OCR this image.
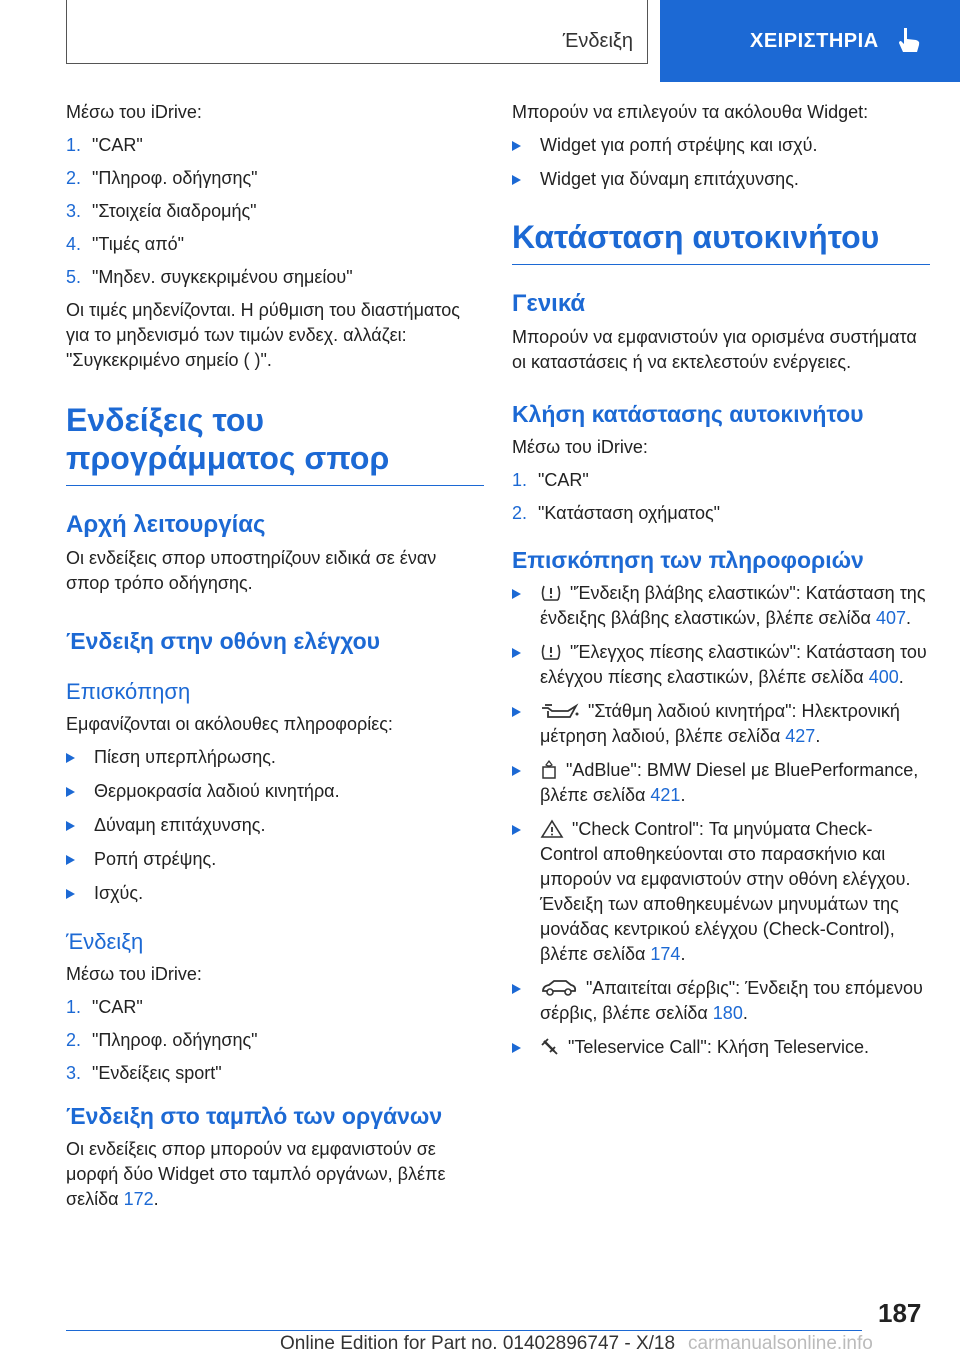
Ένδειξη	ΧΕΙΡΙΣΤΗΡΙΑ

Μέσω του iDrive:

1. "CAR"
2. "Πληροφ. οδήγησης"
3. "Στοιχεία διαδρομής"
4. "Τιμές από"
5. "Μηδεν. συγκεκριμένου σημείου"

Οι τιμές μηδενίζονται. Η ρύθμιση του διαστήματος για το μηδενισμό των τιμών ενδεχ. αλλάζει: "Συγκεκριμένο σημείο ( )".

Ενδείξεις του προγράμματος σπορ
Αρχή λειτουργίας

Οι ενδείξεις σπορ υποστηρίζουν ειδικά σε έναν σπορ τρόπο οδήγησης.

Ένδειξη στην οθόνη ελέγχου
Επισκόπηση

Εμφανίζονται οι ακόλουθες πληροφορίες:

Πίεση υπερπλήρωσης.
Θερμοκρασία λαδιού κινητήρα.
Δύναμη επιτάχυνσης.
Ροπή στρέψης.
Ισχύς.
Ένδειξη

Μέσω του iDrive:

1. "CAR"
2. "Πληροφ. οδήγησης"
3. "Ενδείξεις sport"
Ένδειξη στο ταμπλό των οργάνων

Οι ενδείξεις σπορ μπορούν να εμφανιστούν σε μορφή δύο Widget στο ταμπλό οργάνων, βλέπε σελίδα 172.

Μπορούν να επιλεγούν τα ακόλουθα Widget:

Widget για ροπή στρέψης και ισχύ.
Widget για δύναμη επιτάχυνσης.
Κατάσταση αυτοκινήτου
Γενικά

Μπορούν να εμφανιστούν για ορισμένα συστήματα οι καταστάσεις ή να εκτελεστούν ενέργειες.

Κλήση κατάστασης αυτοκινήτου

Μέσω του iDrive:

1. "CAR"
2. "Κατάσταση οχήματος"
Επισκόπηση των πληροφοριών
"Ένδειξη βλάβης ελαστικών": Κατάσταση της ένδειξης βλάβης ελαστικών, βλέπε σελίδα 407.
"Έλεγχος πίεσης ελαστικών": Κατάσταση του ελέγχου πίεσης ελαστικών, βλέπε σελίδα 400.
"Στάθμη λαδιού κινητήρα": Ηλεκτρονική μέτρηση λαδιού, βλέπε σελίδα 427.
"AdBlue": BMW Diesel με BluePerformance, βλέπε σελίδα 421.
"Check Control": Τα μηνύματα Check-Control αποθηκεύονται στο παρασκήνιο και μπορούν να εμφανιστούν στην οθόνη ελέγχου. Ένδειξη των αποθηκευμένων μηνυμάτων της μονάδας κεντρικού ελέγχου (Check-Control), βλέπε σελίδα 174.
"Απαιτείται σέρβις": Ένδειξη του επόμενου σέρβις, βλέπε σελίδα 180.
"Teleservice Call": Κλήση Teleservice.
187
Online Edition for Part no. 01402896747 - X/18 carmanualsonline.info
